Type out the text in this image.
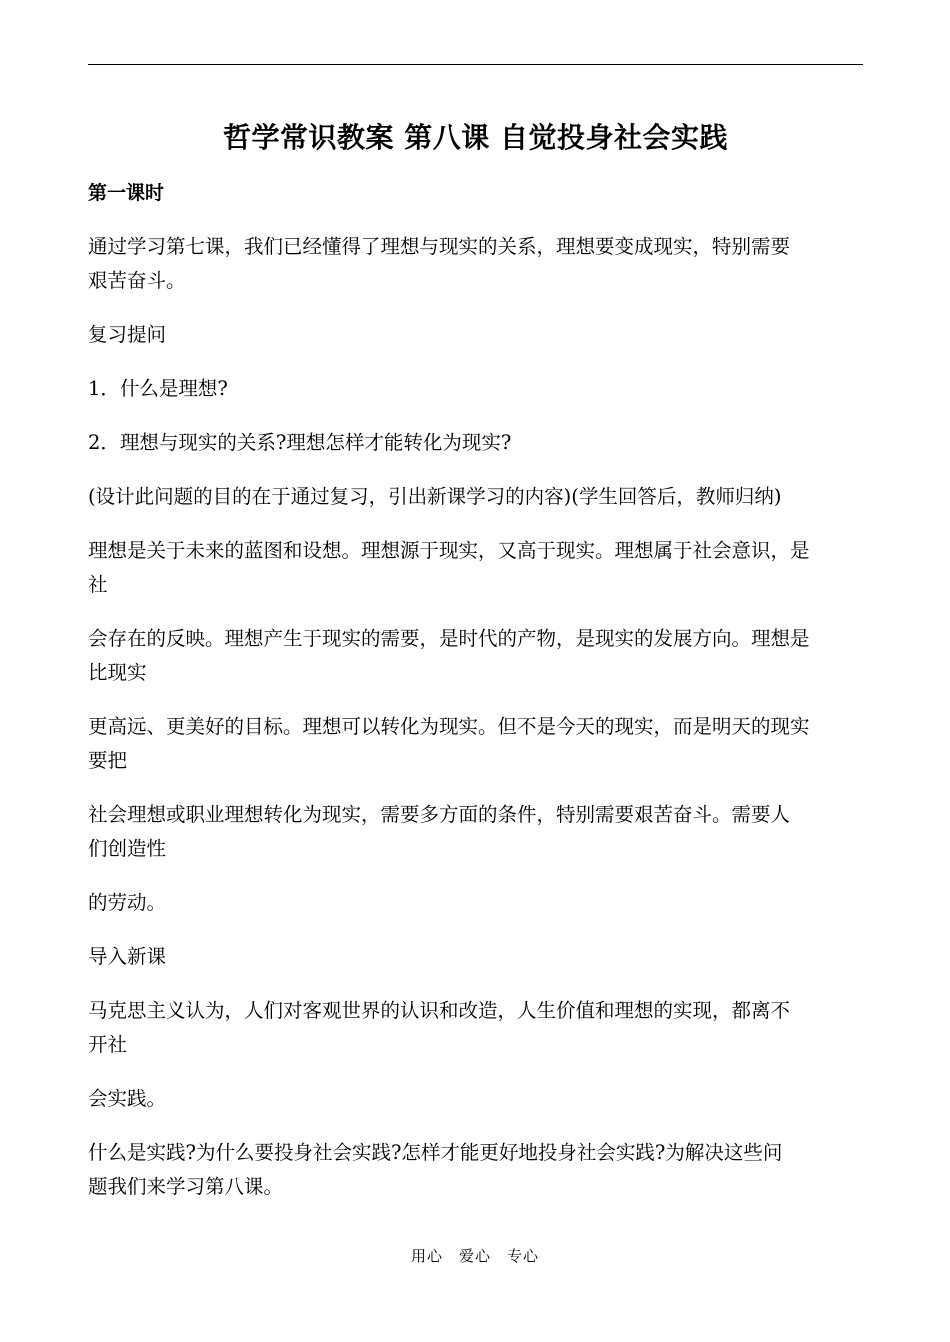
哲学常识教案 第八课 自觉投身社会实践

第一课时

通过学习第七课，我们已经懂得了理想与现实的关系，理想要变成现实，特别需要
艰苦奋斗。

复习提问

1．什么是理想?

2．理想与现实的关系?理想怎样才能转化为现实?

(设计此问题的目的在于通过复习，引出新课学习的内容)(学生回答后，教师归纳)

理想是关于未来的蓝图和设想。理想源于现实，又高于现实。理想属于社会意识，是
社

会存在的反映。理想产生于现实的需要，是时代的产物，是现实的发展方向。理想是
比现实

更高远、更美好的目标。理想可以转化为现实。但不是今天的现实，而是明天的现实
要把

社会理想或职业理想转化为现实，需要多方面的条件，特别需要艰苦奋斗。需要人
们创造性

的劳动。

导入新课

马克思主义认为，人们对客观世界的认识和改造，人生价值和理想的实现，都离不
开社

会实践。

什么是实践?为什么要投身社会实践?怎样才能更好地投身社会实践?为解决这些问
题我们来学习第八课。

用心　爱心　专心
